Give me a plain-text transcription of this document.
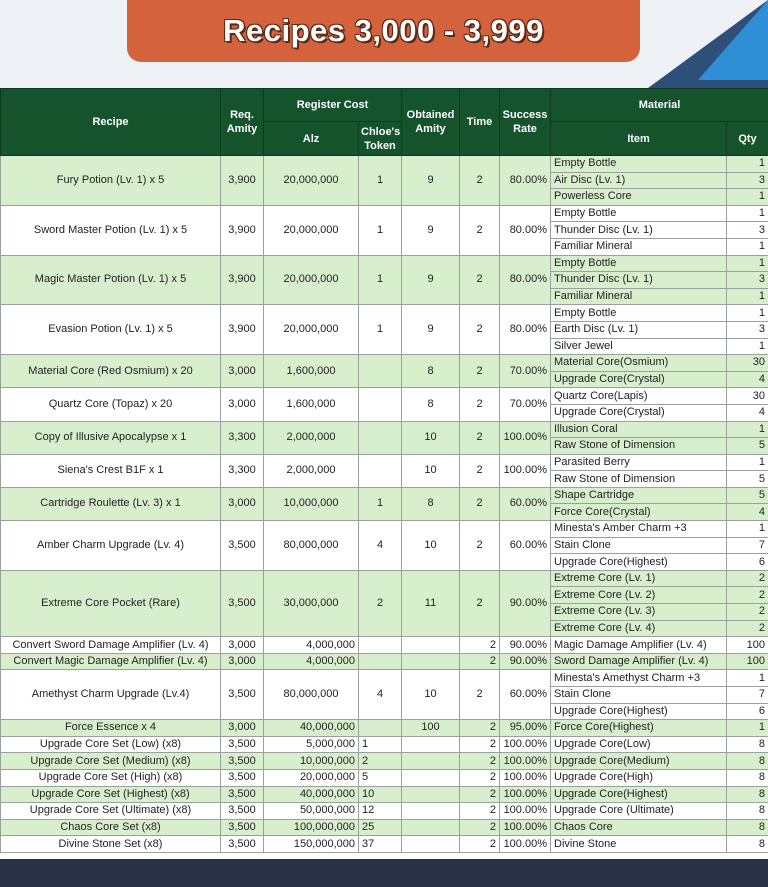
Recipes 3,000 - 3,999
Recipe	Req. Amity	Register Cost		Obtained Amity	Time	Success Rate	Material	
		Alz	Chloe's Token				Item	Qty
Fury Potion (Lv. 1) x 5	3,900	20,000,000	1	9	2	80.00%	Empty Bottle	1
							Air Disc (Lv. 1)	3
							Powerless Core	1
Sword Master Potion (Lv. 1) x 5	3,900	20,000,000	1	9	2	80.00%	Empty Bottle	1
							Thunder Disc (Lv. 1)	3
							Familiar Mineral	1
Magic Master Potion (Lv. 1) x 5	3,900	20,000,000	1	9	2	80.00%	Empty Bottle	1
							Thunder Disc (Lv. 1)	3
							Familiar Mineral	1
Evasion Potion (Lv. 1) x 5	3,900	20,000,000	1	9	2	80.00%	Empty Bottle	1
							Earth Disc (Lv. 1)	3
							Silver Jewel	1
Material Core (Red Osmium) x 20	3,000	1,600,000		8	2	70.00%	Material Core(Osmium)	30
							Upgrade Core(Crystal)	4
Quartz Core (Topaz) x 20	3,000	1,600,000		8	2	70.00%	Quartz Core(Lapis)	30
							Upgrade Core(Crystal)	4
Copy of Illusive Apocalypse x 1	3,300	2,000,000		10	2	100.00%	Illusion Coral	1
							Raw Stone of Dimension	5
Siena's Crest B1F x 1	3,300	2,000,000		10	2	100.00%	Parasited Berry	1
							Raw Stone of Dimension	5
Cartridge Roulette (Lv. 3) x 1	3,000	10,000,000	1	8	2	60.00%	Shape Cartridge	5
							Force Core(Crystal)	4
Amber Charm Upgrade (Lv. 4)	3,500	80,000,000	4	10	2	60.00%	Minesta's Amber Charm +3	1
							Stain Clone	7
							Upgrade Core(Highest)	6
Extreme Core Pocket (Rare)	3,500	30,000,000	2	11	2	90.00%	Extreme Core (Lv. 1)	2
							Extreme Core (Lv. 2)	2
							Extreme Core (Lv. 3)	2
							Extreme Core (Lv. 4)	2
Convert Sword Damage Amplifier (Lv. 4)	3,000	4,000,000			2	90.00%	Magic Damage Amplifier (Lv. 4)	100
Convert Magic Damage Amplifier (Lv. 4)	3,000	4,000,000			2	90.00%	Sword Damage Amplifier (Lv. 4)	100
Amethyst Charm Upgrade (Lv.4)	3,500	80,000,000	4	10	2	60.00%	Minesta's Amethyst Charm +3	1
							Stain Clone	7
							Upgrade Core(Highest)	6
Force Essence x 4	3,000	40,000,000		100	2	95.00%	Force Core(Highest)	1
Upgrade Core Set (Low) (x8)	3,500	5,000,000	1		2	100.00%	Upgrade Core(Low)	8
Upgrade Core Set (Medium) (x8)	3,500	10,000,000	2		2	100.00%	Upgrade Core(Medium)	8
Upgrade Core Set (High) (x8)	3,500	20,000,000	5		2	100.00%	Upgrade Core(High)	8
Upgrade Core Set (Highest) (x8)	3,500	40,000,000	10		2	100.00%	Upgrade Core(Highest)	8
Upgrade Core Set (Ultimate) (x8)	3,500	50,000,000	12		2	100.00%	Upgrade Core (Ultimate)	8
Chaos Core Set (x8)	3,500	100,000,000	25		2	100.00%	Chaos Core	8
Divine Stone Set (x8)	3,500	150,000,000	37		2	100.00%	Divine Stone	8
